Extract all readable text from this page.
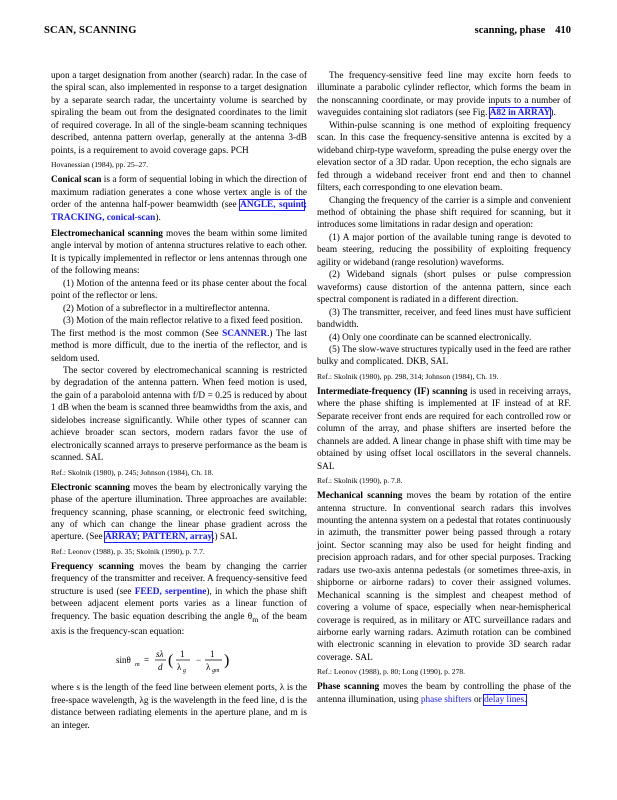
SCAN, SCANNING	scanning, phase 410

upon a target designation from another (search) radar. In the case of the spiral scan, also implemented in response to a target designation by a separate search radar, the uncertainty volume is searched by spiraling the beam out from the designated coordinates to the limit of required coverage. In all of the single-beam scanning techniques described, antenna pattern overlap, generally at the antenna 3-dB points, is a requirement to avoid coverage gaps. PCH

Hovanessian (1984), pp. 25–27.

Conical scan is a form of sequential lobing in which the direction of maximum radiation generates a cone whose vertex angle is of the order of the antenna half-power beamwidth (see ANGLE, squint; TRACKING, conical-scan).

Electromechanical scanning moves the beam within some limited angle interval by motion of antenna structures relative to each other. It is typically implemented in reflector or lens antennas through one of the following means:

(1) Motion of the antenna feed or its phase center about the focal point of the reflector or lens.

(2) Motion of a subreflector in a multireflector antenna.

(3) Motion of the main reflector relative to a fixed feed position.

The first method is the most common (See SCANNER.) The last method is more difficult, due to the inertia of the reflector, and is seldom used.

The sector covered by electromechanical scanning is restricted by degradation of the antenna pattern. When feed motion is used, the gain of a paraboloid antenna with f/D = 0.25 is reduced by about 1 dB when the beam is scanned three beamwidths from the axis, and sidelobes increase significantly. While other types of scanner can achieve broader scan sectors, modern radars favor the use of electronically scanned arrays to preserve performance as the beam is scanned. SAL

Ref.: Skolnik (1980), p. 245; Johnson (1984), Ch. 18.

Electronic scanning moves the beam by electronically varying the phase of the aperture illumination. Three approaches are available: frequency scanning, phase scanning, or electronic feed switching, any of which can change the linear phase gradient across the aperture. (See ARRAY; PATTERN, array.) SAL

Ref.: Leonov (1988), p. 35; Skolnik (1990), p. 7.7.

Frequency scanning moves the beam by changing the carrier frequency of the transmitter and receiver. A frequency-sensitive feed structure is used (see FEED, serpentine), in which the phase shift between adjacent element ports varies as a linear function of frequency. The basic equation describing the angle $\theta_m$ of the beam axis is the frequency-scan equation:

sinθ m =
sλ
d ( 1
λ g
−
1
λ gm
)

where s is the length of the feed line between element ports, λ is the free-space wavelength, λg is the wavelength in the feed line, d is the distance between radiating elements in the aperture plane, and m is an integer.

The frequency-sensitive feed line may excite horn feeds to illuminate a parabolic cylinder reflector, which forms the beam in the nonscanning coordinate, or may provide inputs to a number of waveguides containing slot radiators (see Fig. A82 in ARRAY).

Within-pulse scanning is one method of exploiting frequency scan. In this case the frequency-sensitive antenna is excited by a wideband chirp-type waveform, spreading the pulse energy over the elevation sector of a 3D radar. Upon reception, the echo signals are fed through a wideband receiver front end and then to channel filters, each corresponding to one elevation beam.

Changing the frequency of the carrier is a simple and convenient method of obtaining the phase shift required for scanning, but it introduces some limitations in radar design and operation:

(1) A major portion of the available tuning range is devoted to beam steering, reducing the possibility of exploiting frequency agility or wideband (range resolution) waveforms.

(2) Wideband signals (short pulses or pulse compression waveforms) cause distortion of the antenna pattern, since each spectral component is radiated in a different direction.

(3) The transmitter, receiver, and feed lines must have sufficient bandwidth.

(4) Only one coordinate can be scanned electronically.

(5) The slow-wave structures typically used in the feed are rather bulky and complicated. DKB, SAL

Ref.: Skolnik (1980), pp. 298, 314; Johnson (1984), Ch. 19.

Intermediate-frequency (IF) scanning is used in receiving arrays, where the phase shifting is implemented at IF instead of at RF. Separate receiver front ends are required for each controlled row or column of the array, and phase shifters are inserted before the channels are added. A linear change in phase shift with time may be obtained by using offset local oscillators in the several channels. SAL

Ref.: Skolnik (1990), p. 7.8.

Mechanical scanning moves the beam by rotation of the entire antenna structure. In conventional search radars this involves mounting the antenna system on a pedestal that rotates continuously in azimuth, the transmitter power being passed through a rotary joint. Sector scanning may also be used for height finding and precision approach radars, and for other special purposes. Tracking radars use two-axis antenna pedestals (or sometimes three-axis, in shipborne or airborne radars) to cover their assigned volumes. Mechanical scanning is the simplest and cheapest method of covering a volume of space, especially when near-hemispherical coverage is required, as in military or ATC surveillance radars and airborne early warning radars. Azimuth rotation can be combined with electronic scanning in elevation to provide 3D search radar coverage. SAL

Ref.: Leonov (1988), p. 80; Long (1990), p. 278.

Phase scanning moves the beam by controlling the phase of the antenna illumination, using phase shifters or delay lines.
